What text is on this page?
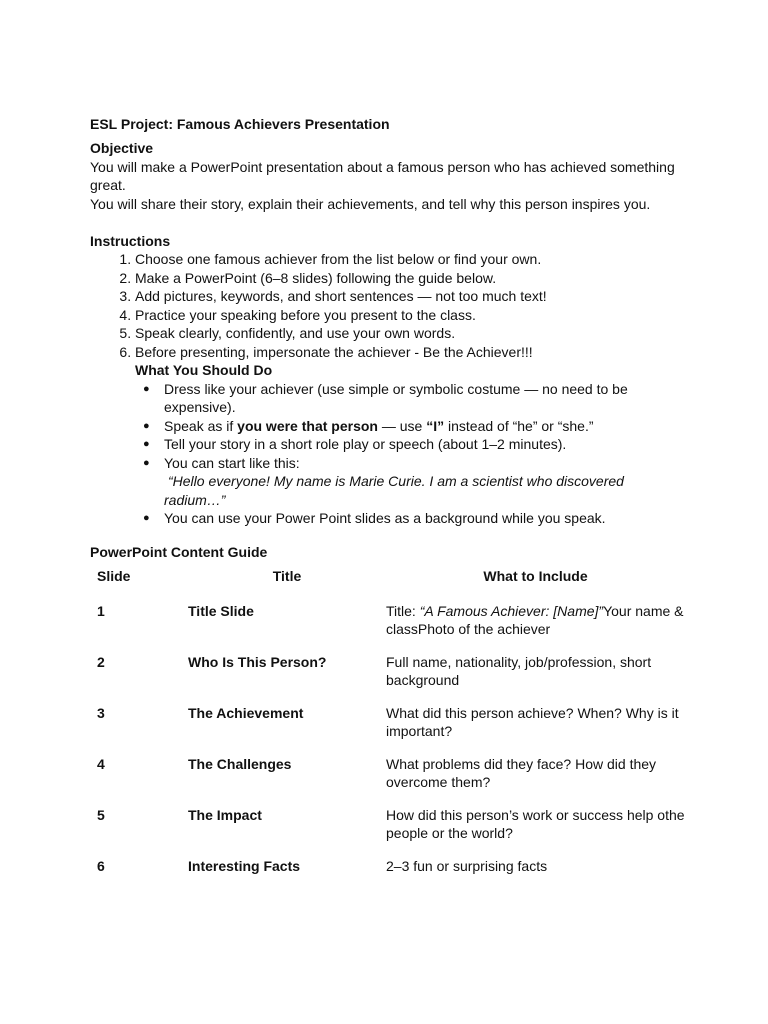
ESL Project: Famous Achievers Presentation
Objective
You will make a PowerPoint presentation about a famous person who has achieved something
great.
You will share their story, explain their achievements, and tell why this person inspires you.
Instructions
1. Choose one famous achiever from the list below or find your own.
2. Make a PowerPoint (6–8 slides) following the guide below.
3. Add pictures, keywords, and short sentences — not too much text!
4. Practice your speaking before you present to the class.
5. Speak clearly, confidently, and use your own words.
6. Before presenting, impersonate the achiever - Be the Achiever!!!
What You Should Do
● Dress like your achiever (use simple or symbolic costume — no need to be
expensive).
● Speak as if you were that person — use “I” instead of “he” or “she.”
● Tell your story in a short role play or speech (about 1–2 minutes).
● You can start like this:
“Hello everyone! My name is Marie Curie. I am a scientist who discovered
radium…”
● You can use your Power Point slides as a background while you speak.
PowerPoint Content Guide
Slide	Title	What to Include
1	Title Slide	Title: “A Famous Achiever: [Name]”Your name &
classPhoto of the achiever

2	Who Is This Person?	Full name, nationality, job/profession, short
background

3	The Achievement	What did this person achieve? When? Why is it
important?

4	The Challenges	What problems did they face? How did they
overcome them?

5	The Impact	How did this person’s work or success help othe
people or the world?

6	Interesting Facts	2–3 fun or surprising facts
